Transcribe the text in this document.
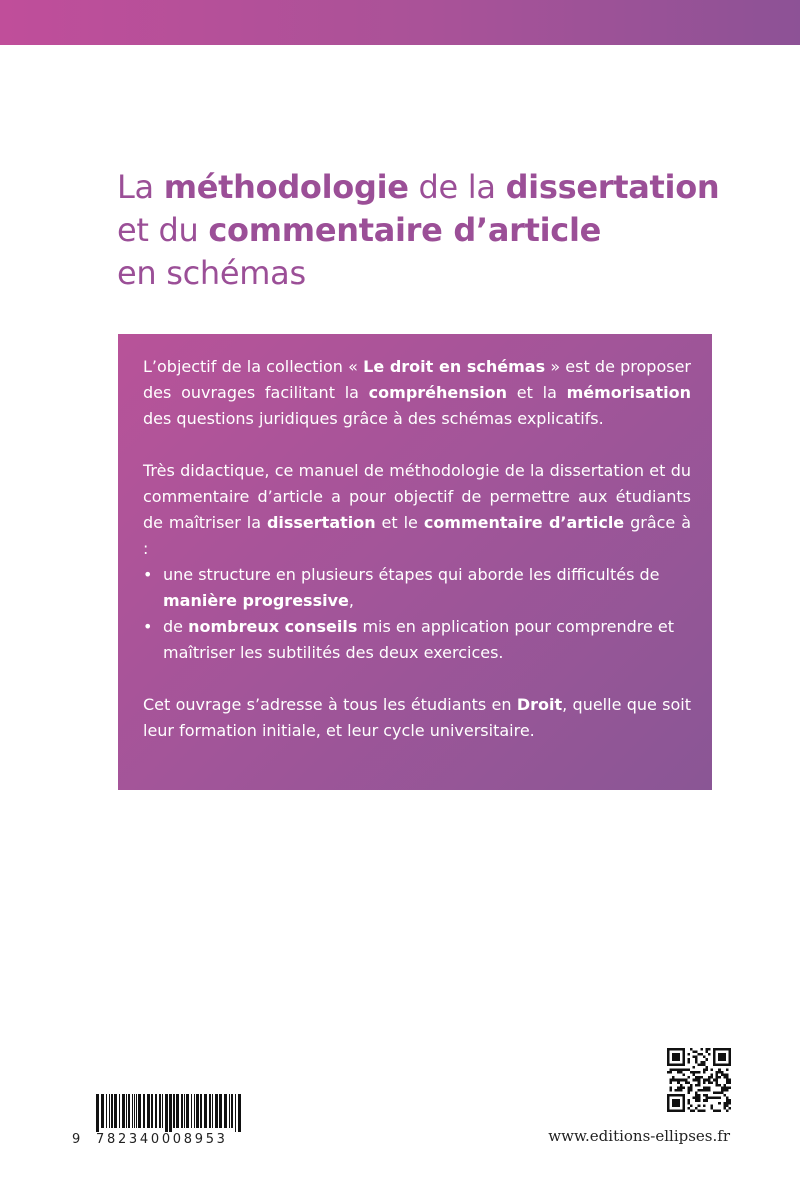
La méthodologie de la dissertation
et du commentaire d’article
en schémas

L’objectif de la collection « Le droit en schémas » est de proposer des ouvrages facilitant la compréhension et la mémorisation des questions juridiques grâce à des schémas explicatifs.

Très didactique, ce manuel de méthodologie de la dissertation et du commentaire d’article a pour objectif de permettre aux étudiants de maîtriser la dissertation et le commentaire d’article grâce à :

• une structure en plusieurs étapes qui aborde les difficultés de manière progressive,
• de nombreux conseils mis en application pour comprendre et maîtriser les subtilités des deux exercices.

Cet ouvrage s’adresse à tous les étudiants en Droit, quelle que soit leur formation initiale, et leur cycle universitaire.

9 782340008953	www.editions-ellipses.fr
